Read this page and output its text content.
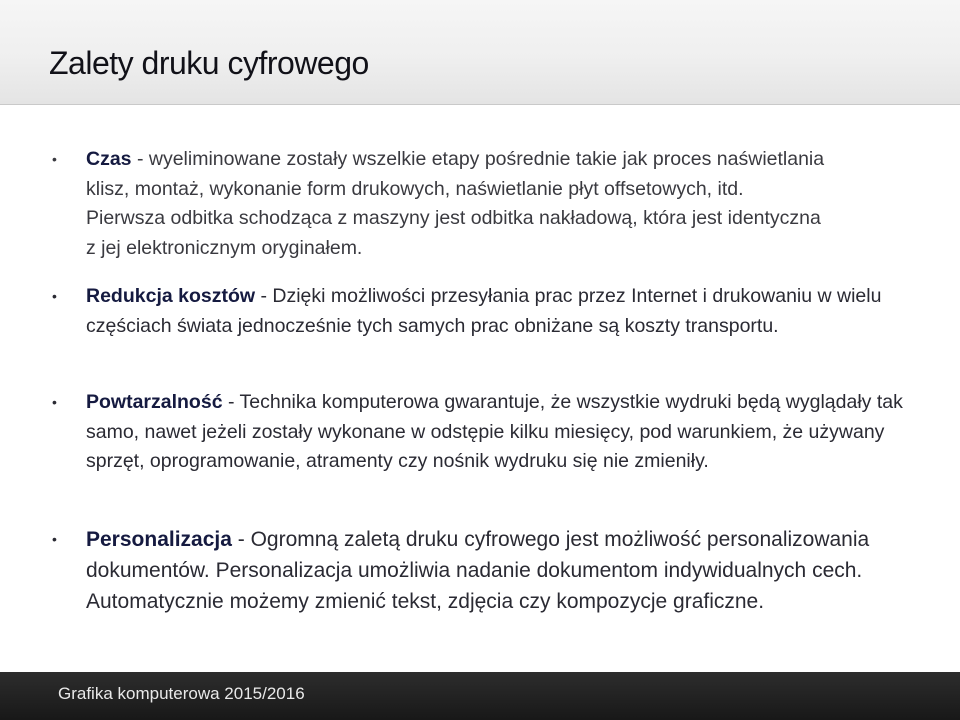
Zalety druku cyfrowego

• Czas - wyeliminowane zostały wszelkie etapy pośrednie takie jak proces naświetlania klisz, montaż, wykonanie form drukowych, naświetlanie płyt offsetowych, itd. Pierwsza odbitka schodząca z maszyny jest odbitka nakładową, która jest identyczna z jej elektronicznym oryginałem.

• Redukcja kosztów - Dzięki możliwości przesyłania prac przez Internet i drukowaniu w wielu częściach świata jednocześnie tych samych prac obniżane są koszty transportu.

• Powtarzalność - Technika komputerowa gwarantuje, że wszystkie wydruki będą wyglądały tak samo, nawet jeżeli zostały wykonane w odstępie kilku miesięcy, pod warunkiem, że używany sprzęt, oprogramowanie, atramenty czy nośnik wydruku się nie zmieniły.

• Personalizacja - Ogromną zaletą druku cyfrowego jest możliwość personalizowania dokumentów. Personalizacja umożliwia nadanie dokumentom indywidualnych cech. Automatycznie możemy zmienić tekst, zdjęcia czy kompozycje graficzne.

Grafika komputerowa 2015/2016
